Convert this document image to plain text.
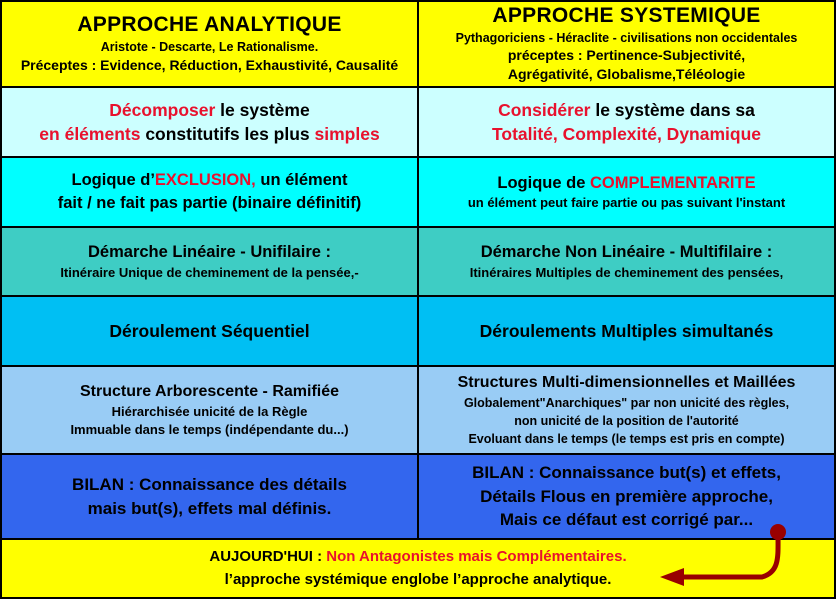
APPROCHE ANALYTIQUE
Aristote - Descarte, Le Rationalisme.
Préceptes : Evidence, Réduction, Exhaustivité, Causalité
APPROCHE SYSTEMIQUE
Pythagoriciens - Héraclite - civilisations non occidentales
préceptes : Pertinence-Subjectivité,
Agrégativité, Globalisme,Téléologie
Décomposer le système
en éléments constitutifs les plus simples
Considérer le système dans sa
Totalité, Complexité, Dynamique
Logique d’EXCLUSION, un élément
fait / ne fait pas partie (binaire définitif)
Logique de COMPLEMENTARITE
un élément peut faire partie ou pas suivant l'instant
Démarche Linéaire - Unifilaire :
Itinéraire Unique de cheminement de la pensée,-
Démarche Non Linéaire - Multifilaire :
Itinéraires Multiples de cheminement des pensées,
Déroulement Séquentiel	Déroulements Multiples simultanés
Structure Arborescente - Ramifiée
Hiérarchisée unicité de la Règle
Immuable dans le temps (indépendante du...)
Structures Multi-dimensionnelles et Maillées
Globalement"Anarchiques" par non unicité des règles,
non unicité de la position de l'autorité
Evoluant dans le temps (le temps est pris en compte)
BILAN : Connaissance des détails
mais but(s), effets mal définis.
BILAN : Connaissance but(s) et effets,
Détails Flous en première approche,
Mais ce défaut est corrigé par...
AUJOURD'HUI : Non Antagonistes mais Complémentaires.
l’approche systémique englobe l’approche analytique.
